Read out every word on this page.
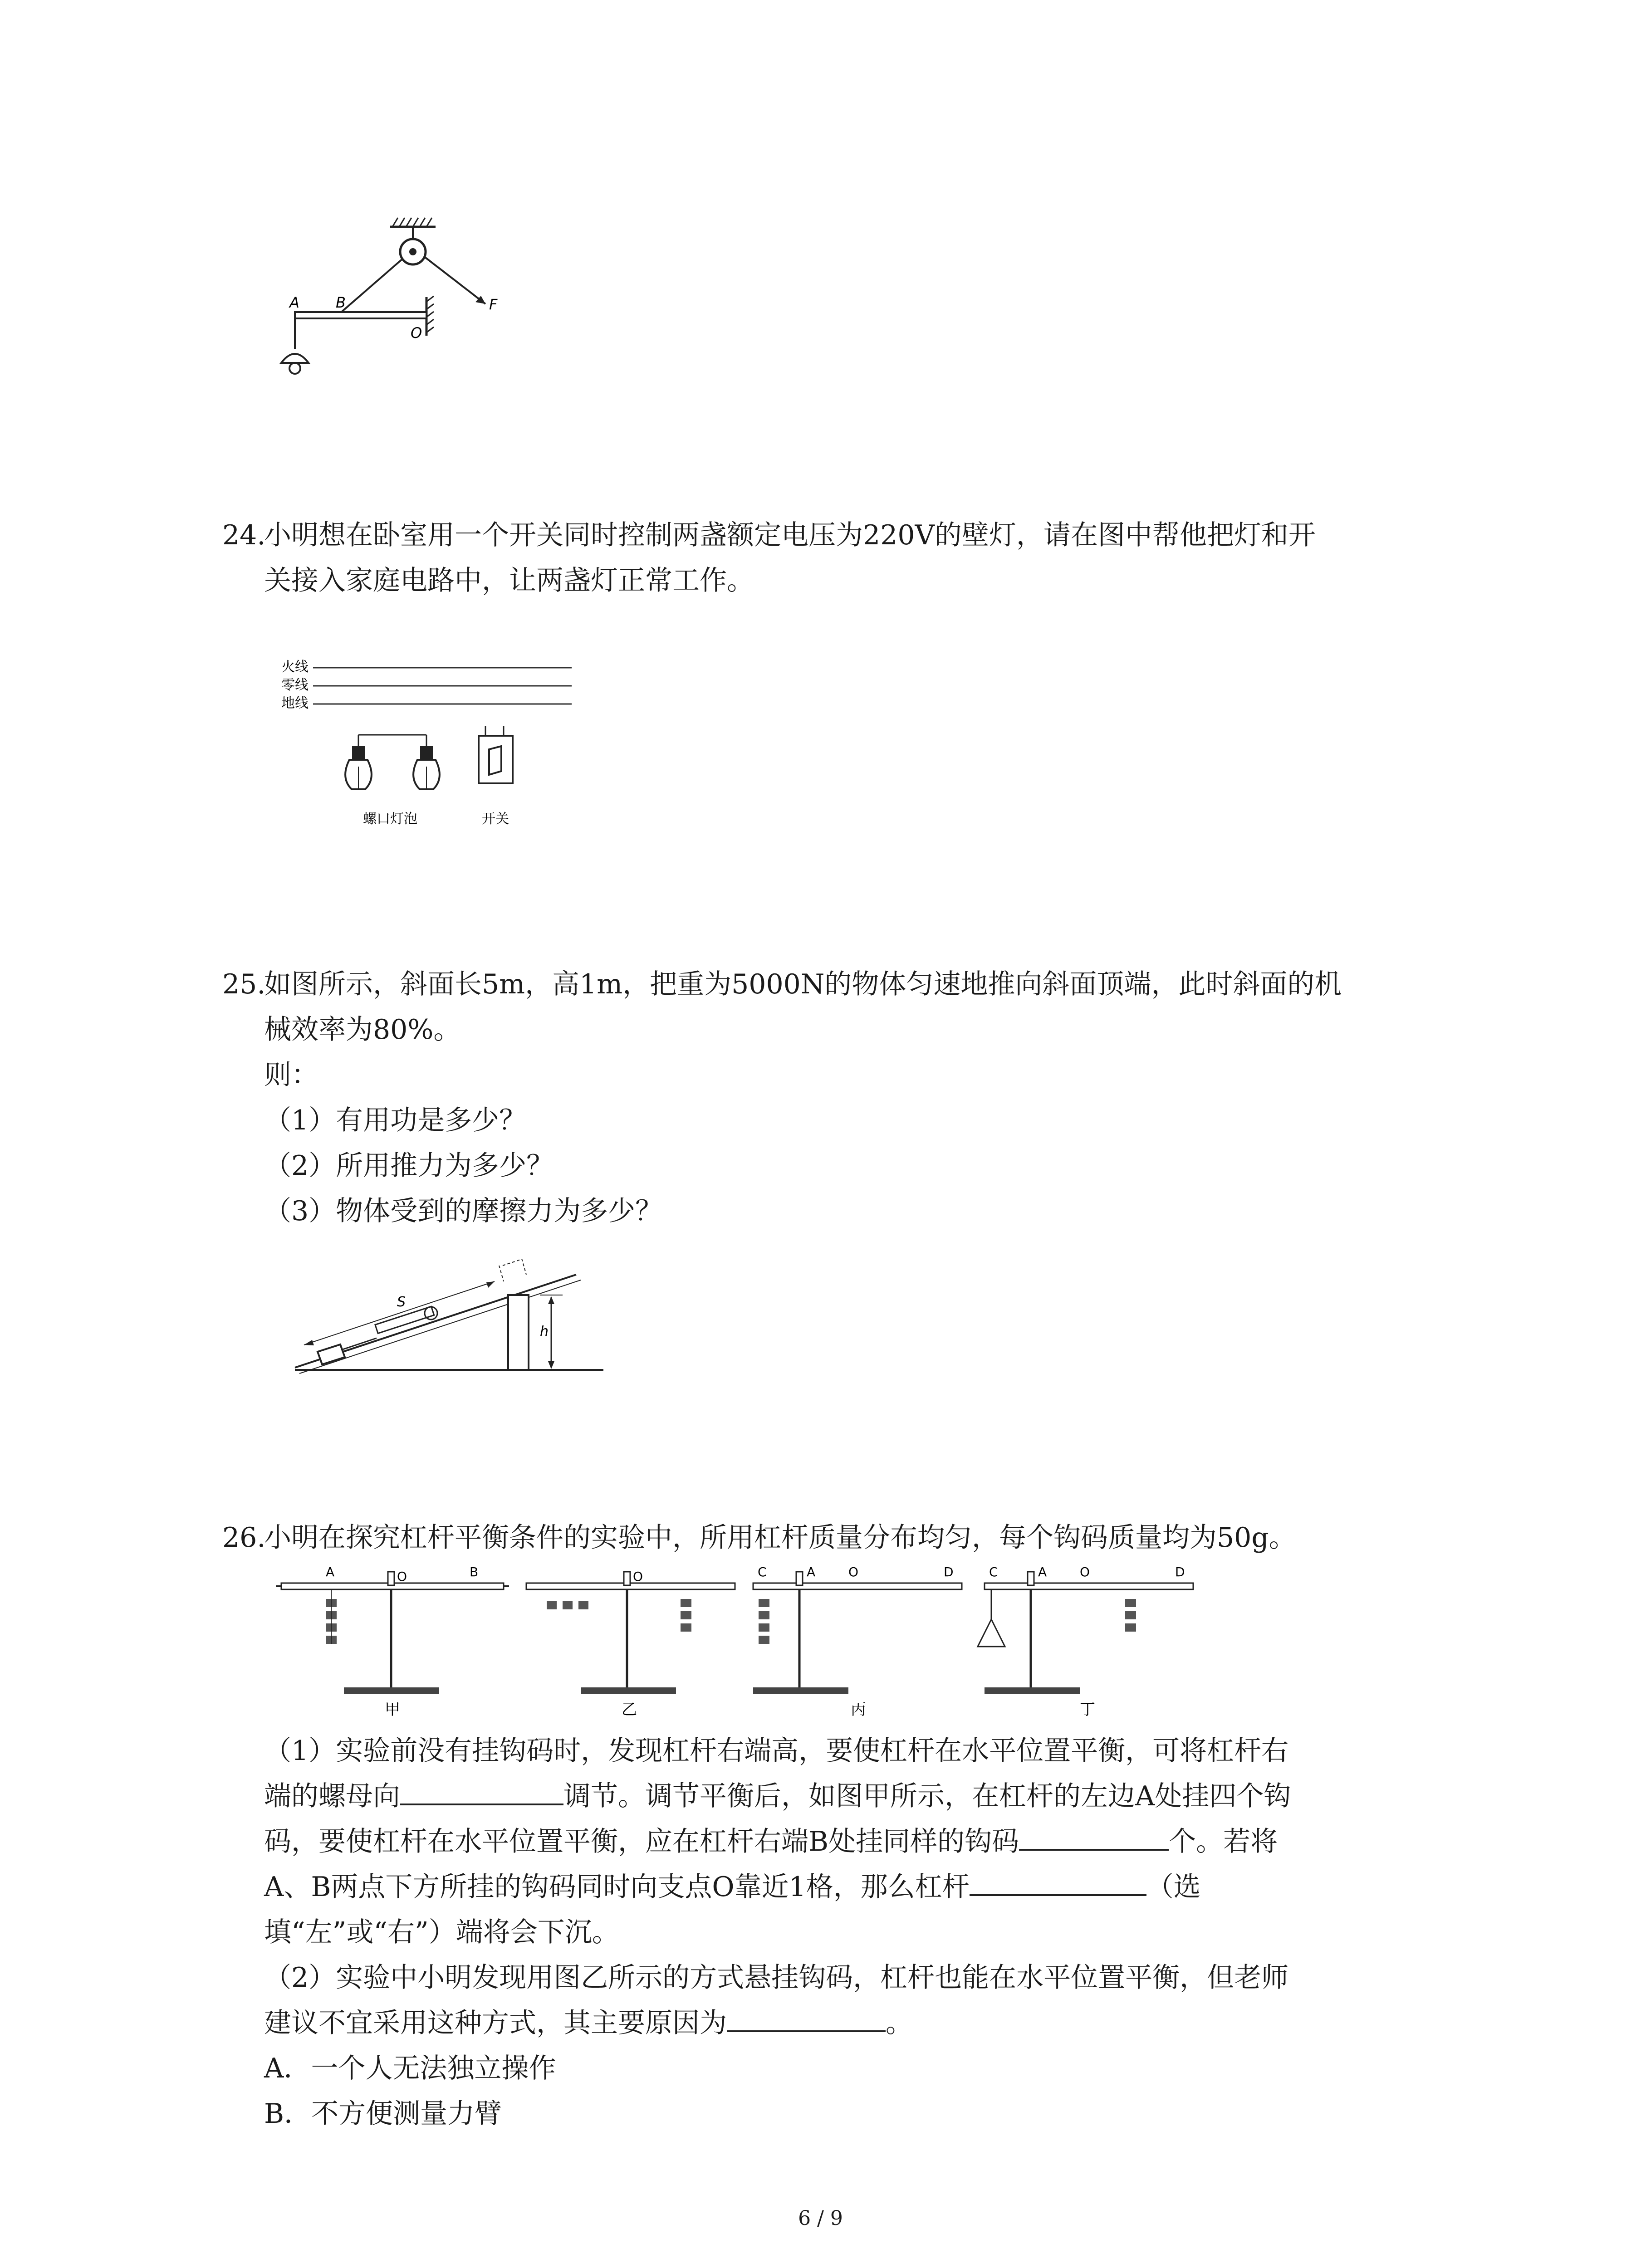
A	B
O
F

24.小明想在卧室用一个开关同时控制两盏额定电压为220V的壁灯，请在图中帮他把灯和开

关接入家庭电路中，让两盏灯正常工作。

火线
零线
地线
螺口灯泡	开关

25.如图所示，斜面长5m，高1m，把重为5000N的物体匀速地推向斜面顶端，此时斜面的机

械效率为80%。

则：

（1）有用功是多少？

（2）所用推力为多少？

（3）物体受到的摩擦力为多少？

h
S

26.小明在探究杠杆平衡条件的实验中，所用杠杆质量分布均匀，每个钩码质量均为50g。

A	B
O
甲
O
乙
C	A	O	D
丙
C	A	O	D
丁

（1）实验前没有挂钩码时，发现杠杆右端高，要使杠杆在水平位置平衡，可将杠杆右

端的螺母向	调节。调节平衡后，如图甲所示，在杠杆的左边A处挂四个钩

码，要使杠杆在水平位置平衡，应在杠杆右端B处挂同样的钩码	个。若将

A、B两点下方所挂的钩码同时向支点O靠近1格，那么杠杆	（选

填“左”或“右”）端将会下沉。

（2）实验中小明发现用图乙所示的方式悬挂钩码，杠杆也能在水平位置平衡，但老师

建议不宜采用这种方式，其主要原因为	。

A．一个人无法独立操作

B．不方便测量力臂

6 / 9
